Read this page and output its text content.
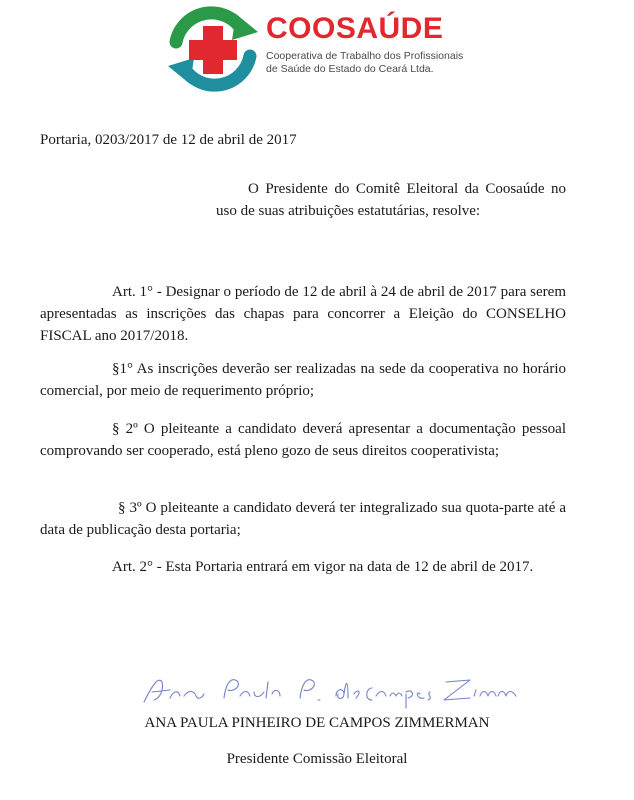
COOSAÚDE
Cooperativa de Trabalho dos Profissionais
de Saúde do Estado do Ceará Ltda.
Portaria, 0203/2017 de 12 de abril de 2017
O Presidente do Comitê Eleitoral da Coosaúde no uso de suas atribuições estatutárias, resolve:
Art. 1° - Designar o período de 12 de abril à 24 de abril de 2017 para serem apresentadas as inscrições das chapas para concorrer a Eleição do CONSELHO FISCAL ano 2017/2018.
§1° As inscrições deverão ser realizadas na sede da cooperativa no horário comercial, por meio de requerimento próprio;
§ 2º O pleiteante a candidato deverá apresentar a documentação pessoal comprovando ser cooperado, está pleno gozo de seus direitos cooperativista;
§ 3º O pleiteante a candidato deverá ter integralizado sua quota-parte até a data de publicação desta portaria;
Art. 2° - Esta Portaria entrará em vigor na data de 12 de abril de 2017.
ANA PAULA PINHEIRO DE CAMPOS ZIMMERMAN
Presidente Comissão Eleitoral
